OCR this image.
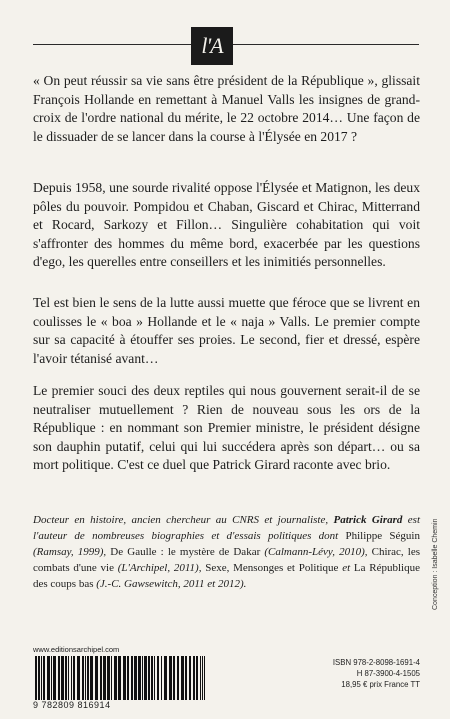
l'A

« On peut réussir sa vie sans être président de la République », glissait François Hollande en remettant à Manuel Valls les insignes de grand-croix de l'ordre national du mérite, le 22 octobre 2014… Une façon de le dissuader de se lancer dans la course à l'Élysée en 2017 ?

Depuis 1958, une sourde rivalité oppose l'Élysée et Matignon, les deux pôles du pouvoir. Pompidou et Chaban, Giscard et Chirac, Mitterrand et Rocard, Sarkozy et Fillon… Singulière cohabitation qui voit s'affronter des hommes du même bord, exacerbée par les questions d'ego, les querelles entre conseillers et les inimitiés personnelles.

Tel est bien le sens de la lutte aussi muette que féroce que se livrent en coulisses le « boa » Hollande et le « naja » Valls. Le premier compte sur sa capacité à étouffer ses proies. Le second, fier et dressé, espère l'avoir tétanisé avant…

Le premier souci des deux reptiles qui nous gouvernent serait-il de se neutraliser mutuellement ? Rien de nouveau sous les ors de la République : en nommant son Premier ministre, le président désigne son dauphin putatif, celui qui lui succédera après son départ… ou sa mort politique. C'est ce duel que Patrick Girard raconte avec brio.

Docteur en histoire, ancien chercheur au CNRS et journaliste, Patrick Girard est l'auteur de nombreuses biographies et d'essais politiques dont Philippe Séguin (Ramsay, 1999), De Gaulle : le mystère de Dakar (Calmann-Lévy, 2010), Chirac, les combats d'une vie (L'Archipel, 2011), Sexe, Mensonges et Politique et La République des coups bas (J.-C. Gawsewitch, 2011 et 2012).

www.editionsarchipel.com
9 782809 816914
ISBN 978-2-8098-1691-4
H 87-3900-4-1505
18,95 € prix France TT
Conception : Isabelle Chemin
